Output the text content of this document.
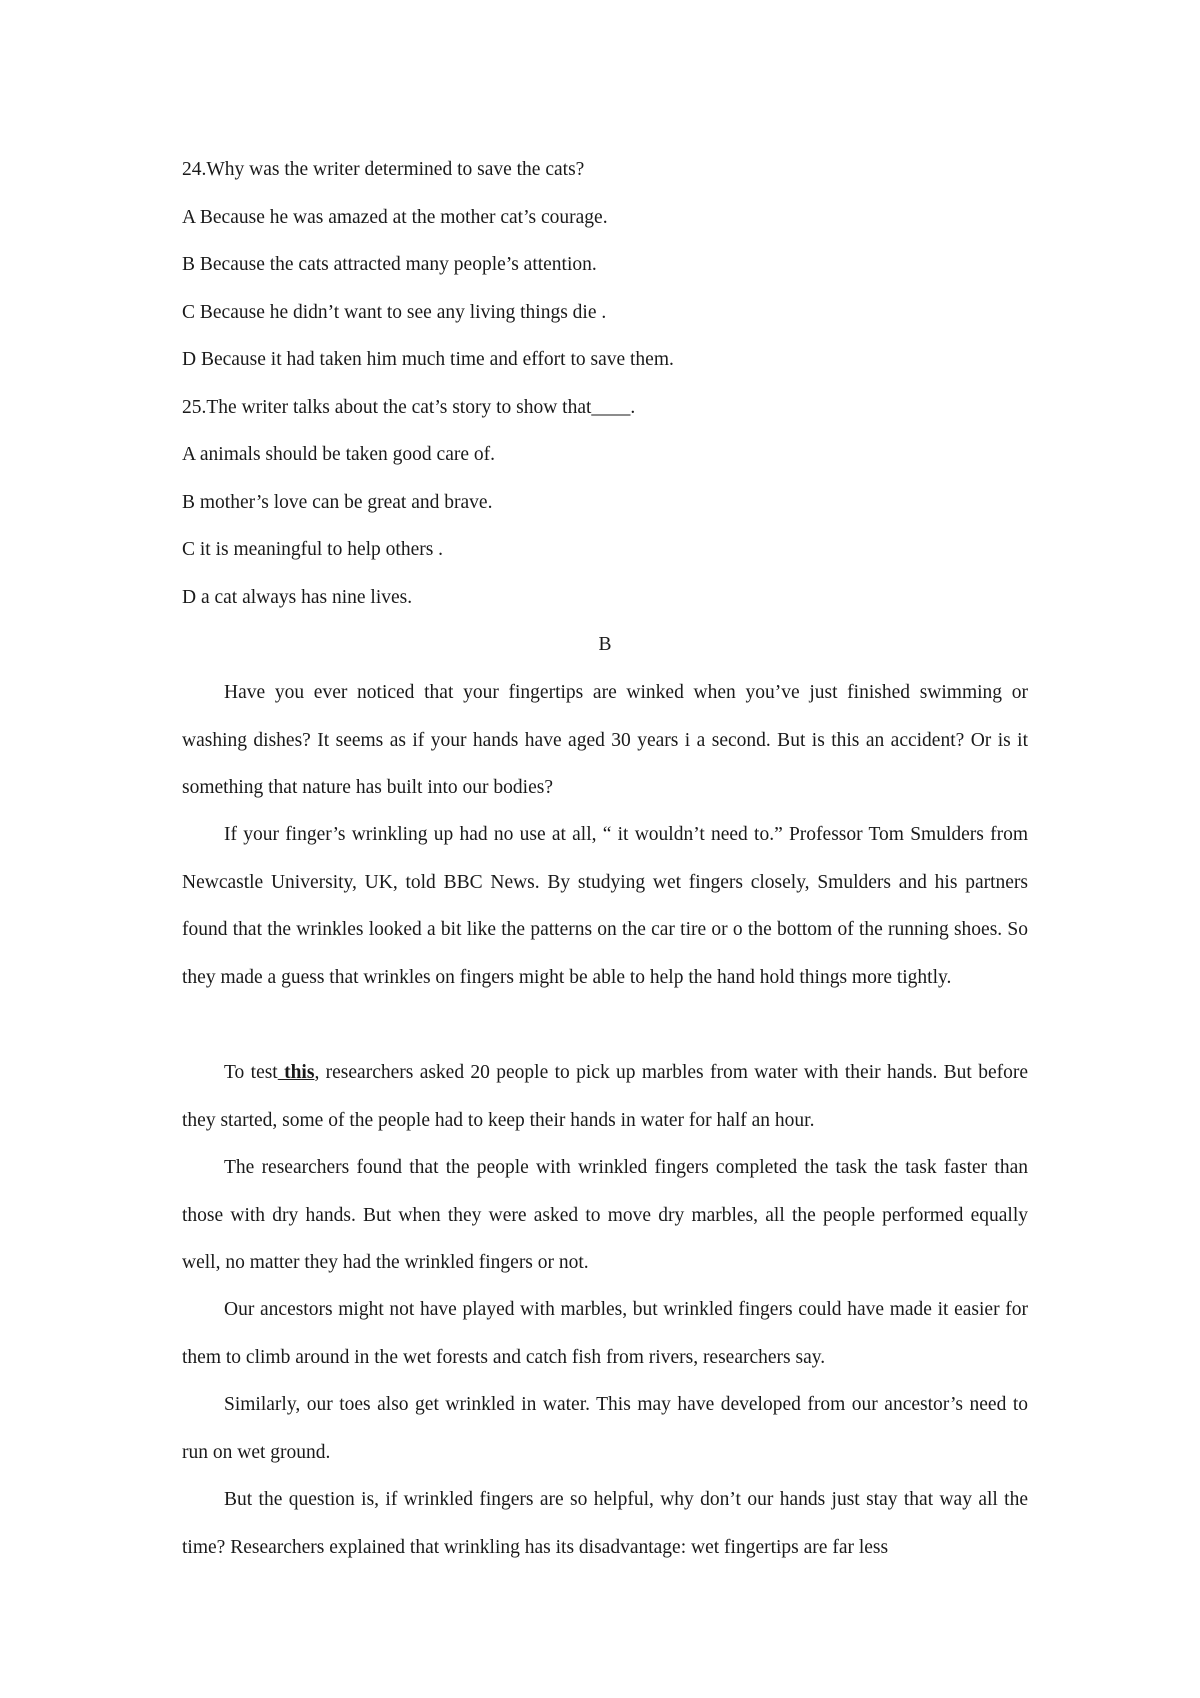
24.Why was the writer determined to save the cats?
A Because he was amazed at the mother cat’s courage.
B Because the cats attracted many people’s attention.
C Because he didn’t want to see any living things die .
D Because it had taken him much time and effort to save them.
25.The writer talks about the cat’s story to show that____.
A animals should be taken good care of.
B mother’s love can be great and brave.
C it is meaningful to help others .
D a cat always has nine lives.
B
Have you ever noticed that your fingertips are winked when you’ve just finished swimming or washing dishes? It seems as if your hands have aged 30 years i a second. But is this an accident? Or is it something that nature has built into our bodies?
If your finger’s wrinkling up had no use at all, “ it wouldn’t need to.” Professor Tom Smulders from Newcastle University, UK, told BBC News. By studying wet fingers closely, Smulders and his partners found that the wrinkles looked a bit like the patterns on the car tire or o the bottom of the running shoes. So they made a guess that wrinkles on fingers might be able to help the hand hold things more tightly.
To test this, researchers asked 20 people to pick up marbles from water with their hands. But before they started, some of the people had to keep their hands in water for half an hour.
The researchers found that the people with wrinkled fingers completed the task the task faster than those with dry hands. But when they were asked to move dry marbles, all the people performed equally well, no matter they had the wrinkled fingers or not.
Our ancestors might not have played with marbles, but wrinkled fingers could have made it easier for them to climb around in the wet forests and catch fish from rivers, researchers say.
Similarly, our toes also get wrinkled in water. This may have developed from our ancestor’s need to run on wet ground.
But the question is, if wrinkled fingers are so helpful, why don’t our hands just stay that way all the time? Researchers explained that wrinkling has its disadvantage: wet fingertips are far less
